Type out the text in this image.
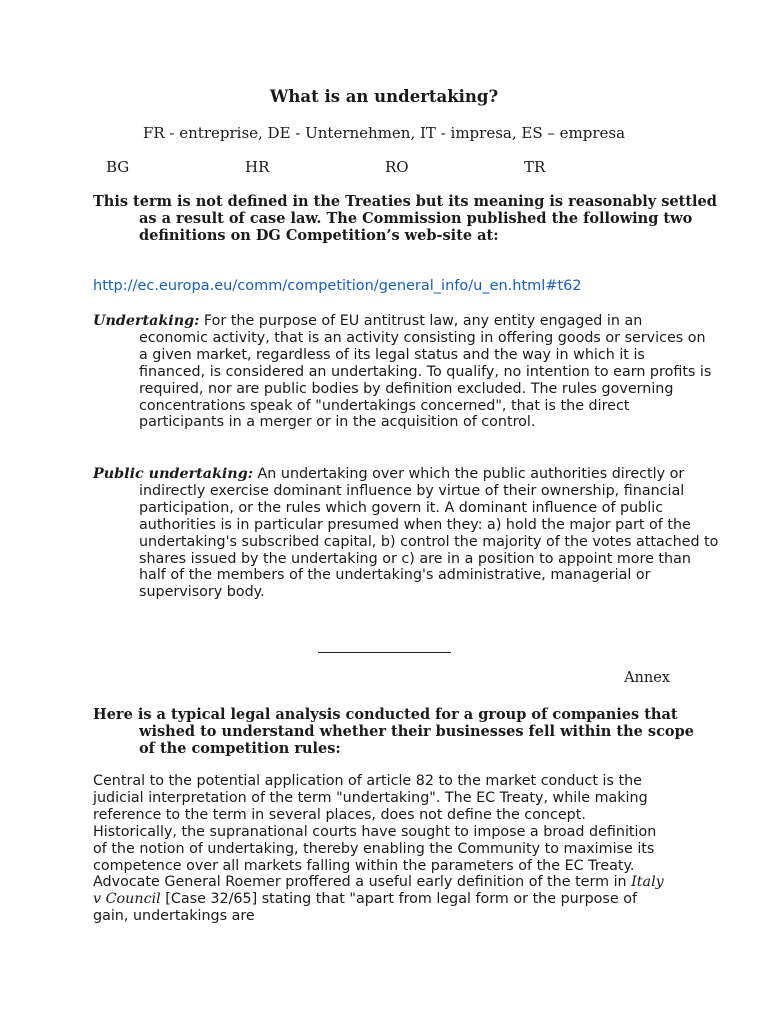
What is an undertaking?
FR - entreprise, DE - Unternehmen, IT - impresa, ES – empresa
BG	HR	RO	TR
This term is not defined in the Treaties but its meaning is reasonably settled as a result of case law. The Commission published the following two definitions on DG Competition’s web-site at:
http://ec.europa.eu/comm/competition/general_info/u_en.html#t62
Undertaking: For the purpose of EU antitrust law, any entity engaged in an economic activity, that is an activity consisting in offering goods or services on a given market, regardless of its legal status and the way in which it is financed, is considered an undertaking. To qualify, no intention to earn profits is required, nor are public bodies by definition excluded. The rules governing concentrations speak of "undertakings concerned", that is the direct participants in a merger or in the acquisition of control.
Public undertaking: An undertaking over which the public authorities directly or indirectly exercise dominant influence by virtue of their ownership, financial participation, or the rules which govern it. A dominant influence of public authorities is in particular presumed when they: a) hold the major part of the undertaking's subscribed capital, b) control the majority of the votes attached to shares issued by the undertaking or c) are in a position to appoint more than half of the members of the undertaking's administrative, managerial or supervisory body.
Annex
Here is a typical legal analysis conducted for a group of companies that wished to understand whether their businesses fell within the scope of the competition rules:
Central to the potential application of article 82 to the market conduct is the judicial interpretation of the term "undertaking". The EC Treaty, while making reference to the term in several places, does not define the concept. Historically, the supranational courts have sought to impose a broad definition of the notion of undertaking, thereby enabling the Community to maximise its competence over all markets falling within the parameters of the EC Treaty. Advocate General Roemer proffered a useful early definition of the term in Italy v Council [Case 32/65] stating that "apart from legal form or the purpose of gain, undertakings are
